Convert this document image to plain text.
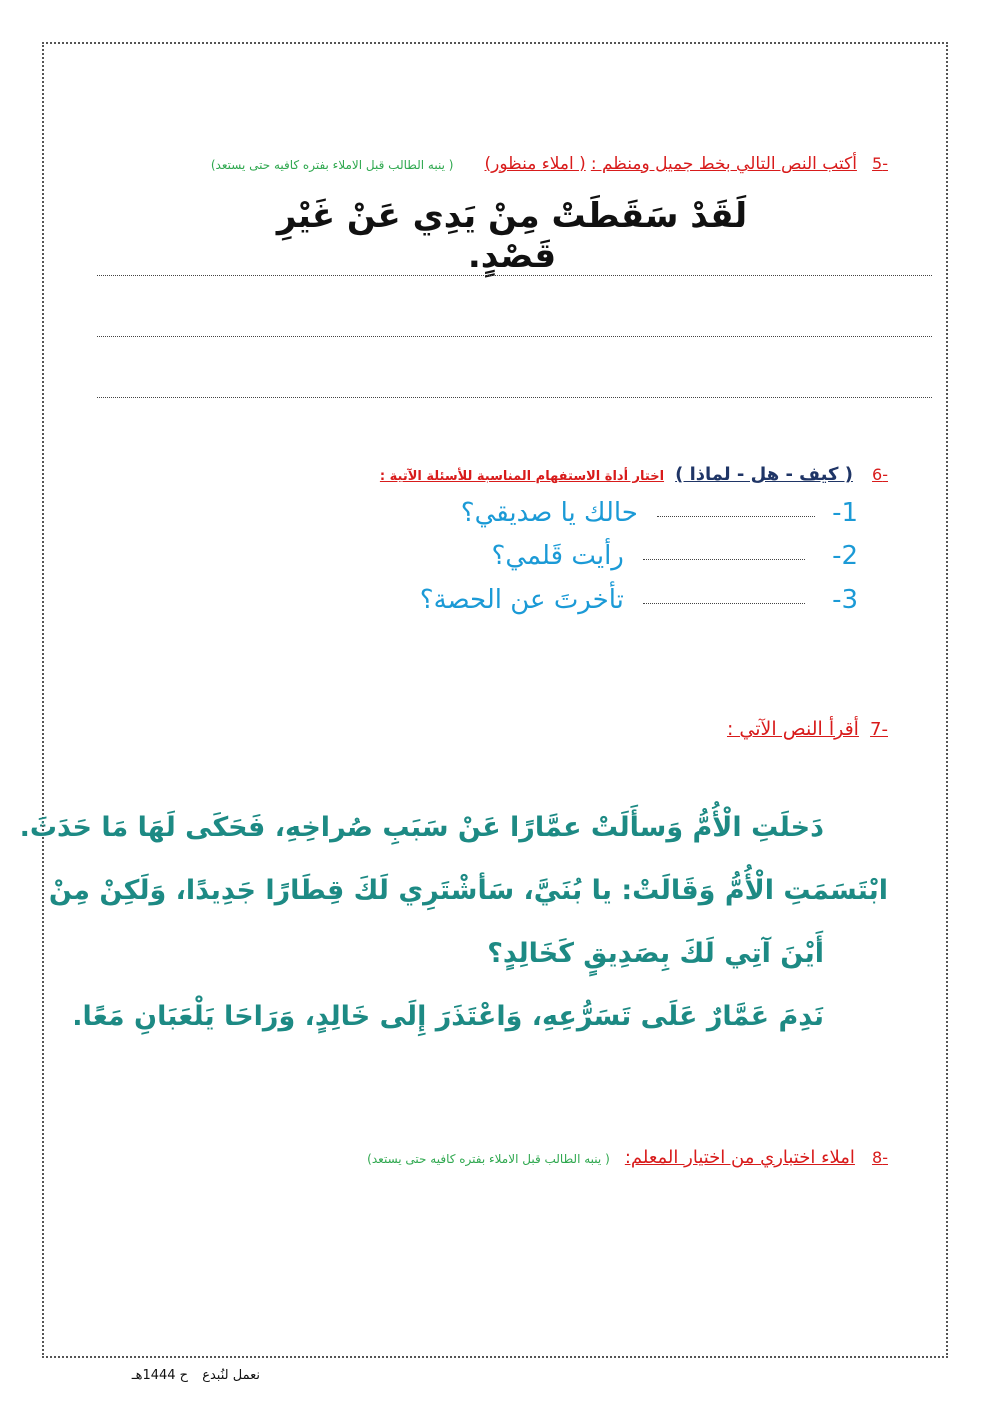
-5 أكتب النص التالي بخط جميل ومنظم : ( املاء منظور) ( ينبه الطالب قبل الاملاء بفتره كافيه حتى يستعد)
لَقَدْ سَقَطَتْ مِنْ يَدِي عَنْ غَيْرِ قَصْدٍ.
-6 ( كيف - هل - لماذا ) اختار أداة الاستفهام المناسبة للأسئلة الآتية :
1-  حالك يا صديقي؟
2-  رأيت قَلمي؟
3-  تأخرتَ عن الحصة؟
-7 أقرأ النص الآتي :
دَخلَتِ الْأُمُّ وَسأَلَتْ عمَّارًا عَنْ سَبَبِ صُراخِهِ، فَحَكَى لَهَا مَا حَدَثَ.
ابْتَسَمَتِ الْأُمُّ وَقَالَتْ: يا بُنَيَّ، سَأشْتَرِي لَكَ قِطَارًا جَدِيدًا، وَلَكِنْ مِنْ
أَيْنَ آتِي لَكَ بِصَدِيقٍ كَخَالِدٍ؟
نَدِمَ عَمَّارٌ عَلَى تَسَرُّعِهِ، وَاعْتَذَرَ إِلَى خَالِدٍ، وَرَاحَا يَلْعَبَانِ مَعًا.
-8 املاء اختباري من اختيار المعلم: ( ينبه الطالب قبل الاملاء بفتره كافيه حتى يستعد)
نعمل لنُبدع ح 1444هـ
